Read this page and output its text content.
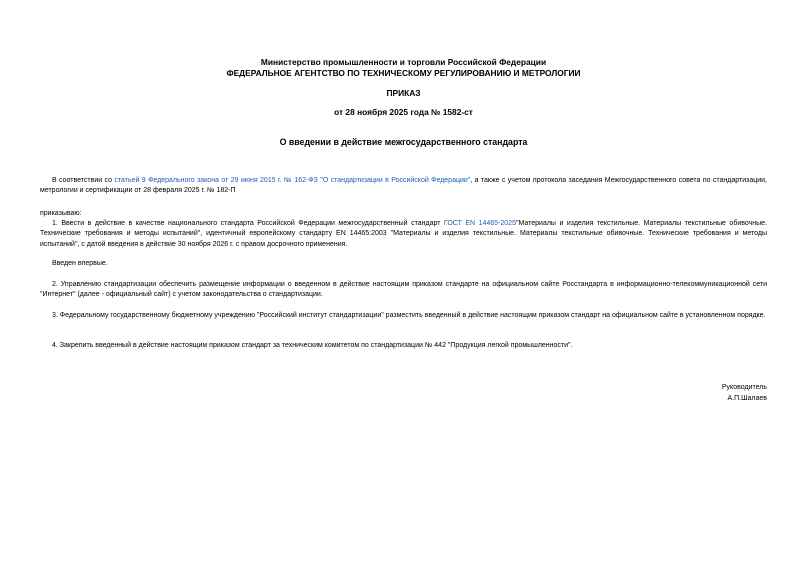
Министерство промышленности и торговли Российской Федерации
ФЕДЕРАЛЬНОЕ АГЕНТСТВО ПО ТЕХНИЧЕСКОМУ РЕГУЛИРОВАНИЮ И МЕТРОЛОГИИ
ПРИКАЗ
от 28 ноября 2025 года № 1582-ст
О введении в действие межгосударственного стандарта
В соответствии со статьей 9 Федерального закона от 29 июня 2015 г. № 162-ФЗ "О стандартизации в Российской Федерации", а также с учетом протокола заседания Межгосударственного совета по стандартизации, метрологии и сертификации от 28 февраля 2025 г. № 182-П
приказываю:
1. Ввести в действие в качестве национального стандарта Российской Федерации межгосударственный стандарт ГОСТ EN 14465-2025"Материалы и изделия текстильные. Материалы текстильные обивочные. Технические требования и методы испытаний", идентичный европейскому стандарту EN 14465:2003 "Материалы и изделия текстильные. Материалы текстильные обивочные. Технические требования и методы испытаний", с датой введения в действие 30 ноября 2026 г. с правом досрочного применения.
Введен впервые.
2. Управлению стандартизации обеспечить размещение информации о введенном в действие настоящим приказом стандарте на официальном сайте Росстандарта в информационно-телекоммуникационной сети "Интернет" (далее - официальный сайт) с учетом законодательства о стандартизации.
3. Федеральному государственному бюджетному учреждению "Российский институт стандартизации" разместить введенный в действие настоящим приказом стандарт на официальном сайте в установленном порядке.
4. Закрепить введенный в действие настоящим приказом стандарт за техническим комитетом по стандартизации № 442 "Продукция легкой промышленности".
Руководитель
А.П.Шалаев
